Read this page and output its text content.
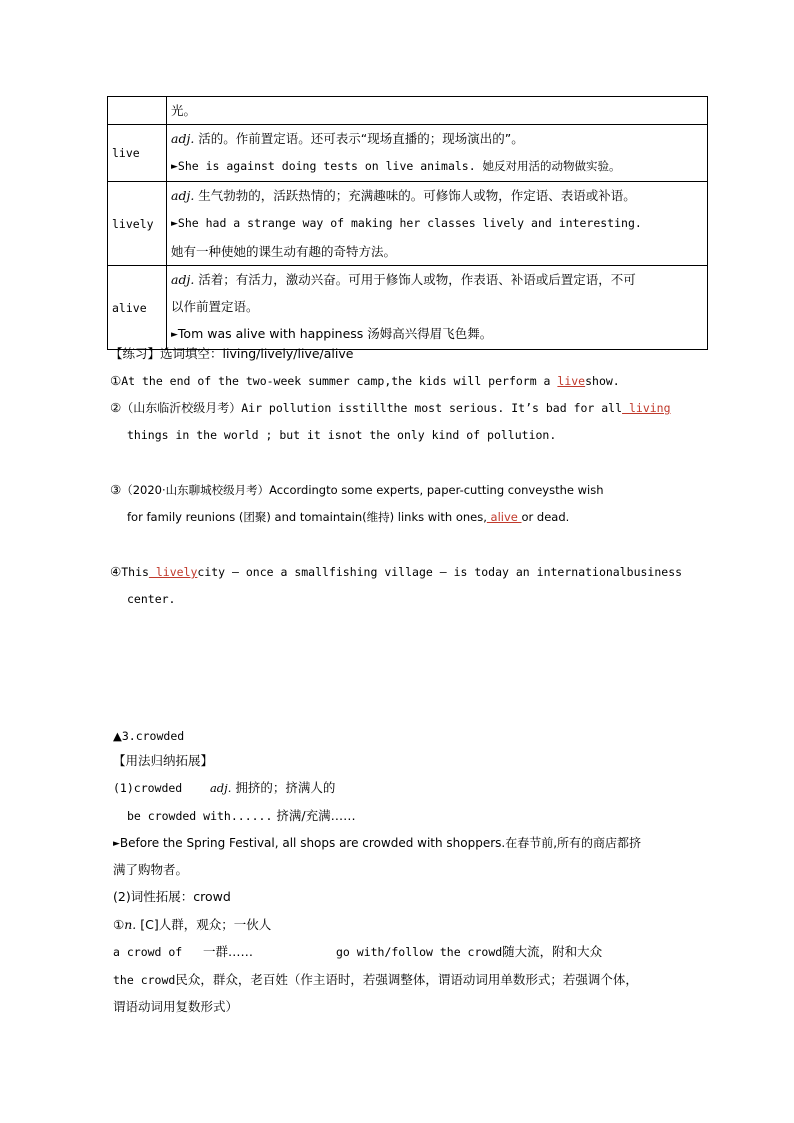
	光。

live	adj. 活的。作前置定语。还可表示“现场直播的；现场演出的”。
►She is against doing tests on live animals. 她反对用活的动物做实验。

lively	adj. 生气勃勃的，活跃热情的；充满趣味的。可修饰人或物，作定语、表语或补语。
►She had a strange way of making her classes lively and interesting.
她有一种使她的课生动有趣的奇特方法。

alive	adj. 活着；有活力，激动兴奋。可用于修饰人或物，作表语、补语或后置定语，不可
以作前置定语。
►Tom was alive with happiness 汤姆高兴得眉飞色舞。
【练习】选词填空：living/lively/live/alive
①At the end of the two-week summer camp,the kids will perform a liveshow.
②（山东临沂校级月考）Air pollution isstillthe most serious. It’s bad for all living
things in the world ; but it isnot the only kind of pollution.
③（2020·山东聊城校级月考）Accordingto some experts, paper-cutting conveysthe wish
for family reunions (团聚) and tomaintain(维持) links with ones, alive or dead.
④This livelycity — once a smallfishing village — is today an internationalbusiness
center.
▲3.crowded
【用法归纳拓展】
(1)crowded adj. 拥挤的；挤满人的
be crowded with...... 挤满/充满……
►Before the Spring Festival, all shops are crowded with shoppers.在春节前,所有的商店都挤
满了购物者。
(2)词性拓展：crowd
①n. [C]人群，观众；一伙人
a crowd of 一群……	go with/follow the crowd随大流，附和大众
the crowd民众，群众，老百姓（作主语时，若强调整体，谓语动词用单数形式；若强调个体，
谓语动词用复数形式）
